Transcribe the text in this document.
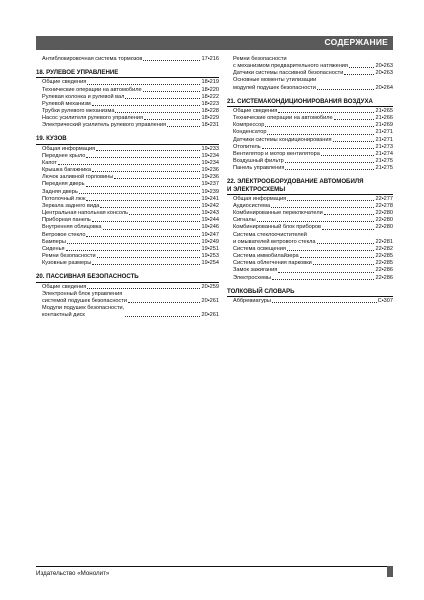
СОДЕРЖАНИЕ
Антиблокировочная система тормозов	17•216
18. РУЛЕВОЕ УПРАВЛЕНИЕ
Общие сведения	18•219
Технические операции на автомобиле	18•220
Рулевая колонка и рулевой вал	18•222
Рулевой механизм	18•223
Трубки рулевого механизма	18•228
Насос усилителя рулевого управления	18•229
Электрический усилитель рулевого управления	18•231
19. КУЗОВ
Общая информация	19•233
Переднее крыло	19•234
Капот	19•234
Крышка багажника	19•236
Лючок заливной горловины	19•236
Передняя дверь	19•237
Задняя дверь	19•239
Потолочный люк	19•241
Зеркала заднего вида	19•242
Центральная напольная консоль	19•243
Приборная панель	19•244
Внутренняя облицовка	19•246
Ветровое стекло	19•247
Бамперы	19•249
Сиденья	19•251
Ремни безопасности	19•253
Кузовные размеры	19•254
20. ПАССИВНАЯ БЕЗОПАСНОСТЬ
Общие сведения	20•259
Электронный блок управления
системой подушек безопасности	20•261
Модули подушек безопасности,
контактный диск	20•261
Ремни безопасности
с механизмом предварительного натяжения	20•263
Датчики системы пассивной безопасности	20•263
Основные моменты утилизации
модулей подушек безопасности	20•264
21. СИСТЕМАКОНДИЦИОНИРОВАНИЯ ВОЗДУХА
Общие сведения	21•265
Технические операции на автомобиле	21•266
Компрессор	21•269
Конденсатор	21•271
Датчики системы кондиционирования	21•271
Отопитель	21•273
Вентилятор и мотор вентилятора	21•274
Воздушный фильтр	21•275
Панель управления	21•275
22. ЭЛЕКТРООБОРУДОВАНИЕ АВТОМОБИЛЯ
И ЭЛЕКТРОСХЕМЫ
Общая информация	22•277
Аудиосистема	22•278
Комбинированные переключатели	22•280
Сигналы	22•280
Комбинированный блок приборов	22•280
Система стеклоочистителей
и омывателей ветрового стекла	22•281
Система освещения	22•282
Система иммобилайзера	22•285
Система облегчения парковки	22•285
Замок зажигания	22•286
Электросхемы	22•286
ТОЛКОВЫЙ СЛОВАРЬ
Аббревиатуры	C•307
Издательство «Монолит»
